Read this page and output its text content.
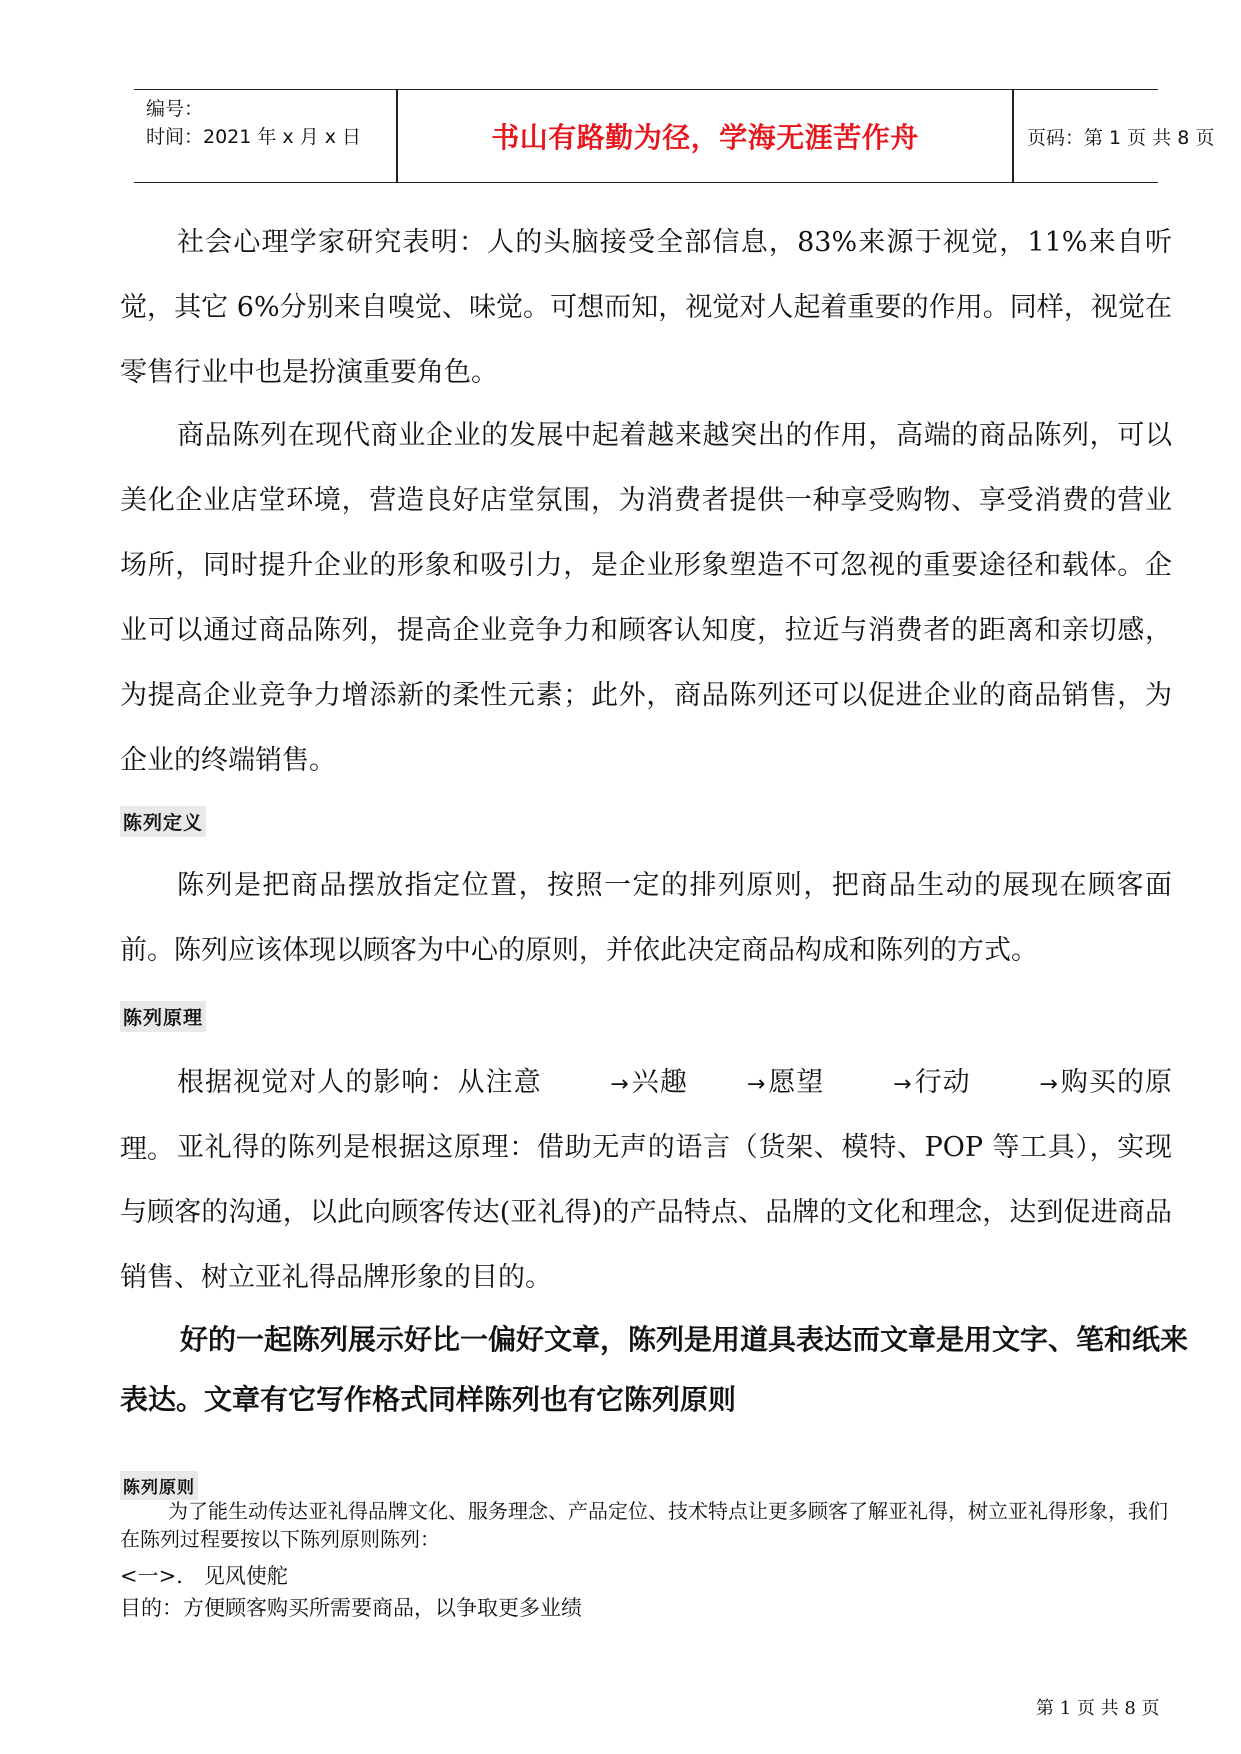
编号：
时间：2021 年 x 月 x 日	书山有路勤为径，学海无涯苦作舟	页码：第 1 页 共 8 页
社会心理学家研究表明：人的头脑接受全部信息，83%来源于视觉，11%来自听觉，其它 6%分别来自嗅觉、味觉。可想而知，视觉对人起着重要的作用。同样，视觉在零售行业中也是扮演重要角色。
商品陈列在现代商业企业的发展中起着越来越突出的作用，高端的商品陈列，可以美化企业店堂环境，营造良好店堂氛围，为消费者提供一种享受购物、享受消费的营业场所，同时提升企业的形象和吸引力，是企业形象塑造不可忽视的重要途径和载体。企业可以通过商品陈列，提高企业竞争力和顾客认知度，拉近与消费者的距离和亲切感，为提高企业竞争力增添新的柔性元素；此外，商品陈列还可以促进企业的商品销售，为企业的终端销售。
陈列定义
陈列是把商品摆放指定位置，按照一定的排列原则，把商品生动的展现在顾客面前。陈列应该体现以顾客为中心的原则，并依此决定商品构成和陈列的方式。
陈列原理
根据视觉对人的影响：从注意	→兴趣	→愿望	→行动	→购买的原理。 亚礼得的陈列是根据这原理：借助无声的语言（货架、模特、POP 等工具），实现与顾客的沟通，以此向顾客传达(亚礼得)的产品特点、品牌的文化和理念，达到促进商品销售、树立亚礼得品牌形象的目的。
好的一起陈列展示好比一偏好文章，陈列是用道具表达而文章是用文字、笔和纸来表达。文章有它写作格式同样陈列也有它陈列原则
陈列原则
为了能生动传达亚礼得品牌文化、服务理念、产品定位、技术特点让更多顾客了解亚礼得，树立亚礼得形象，我们在陈列过程要按以下陈列原则陈列：
<一>． 见风使舵
目的：方便顾客购买所需要商品，以争取更多业绩
第 1 页 共 8 页
